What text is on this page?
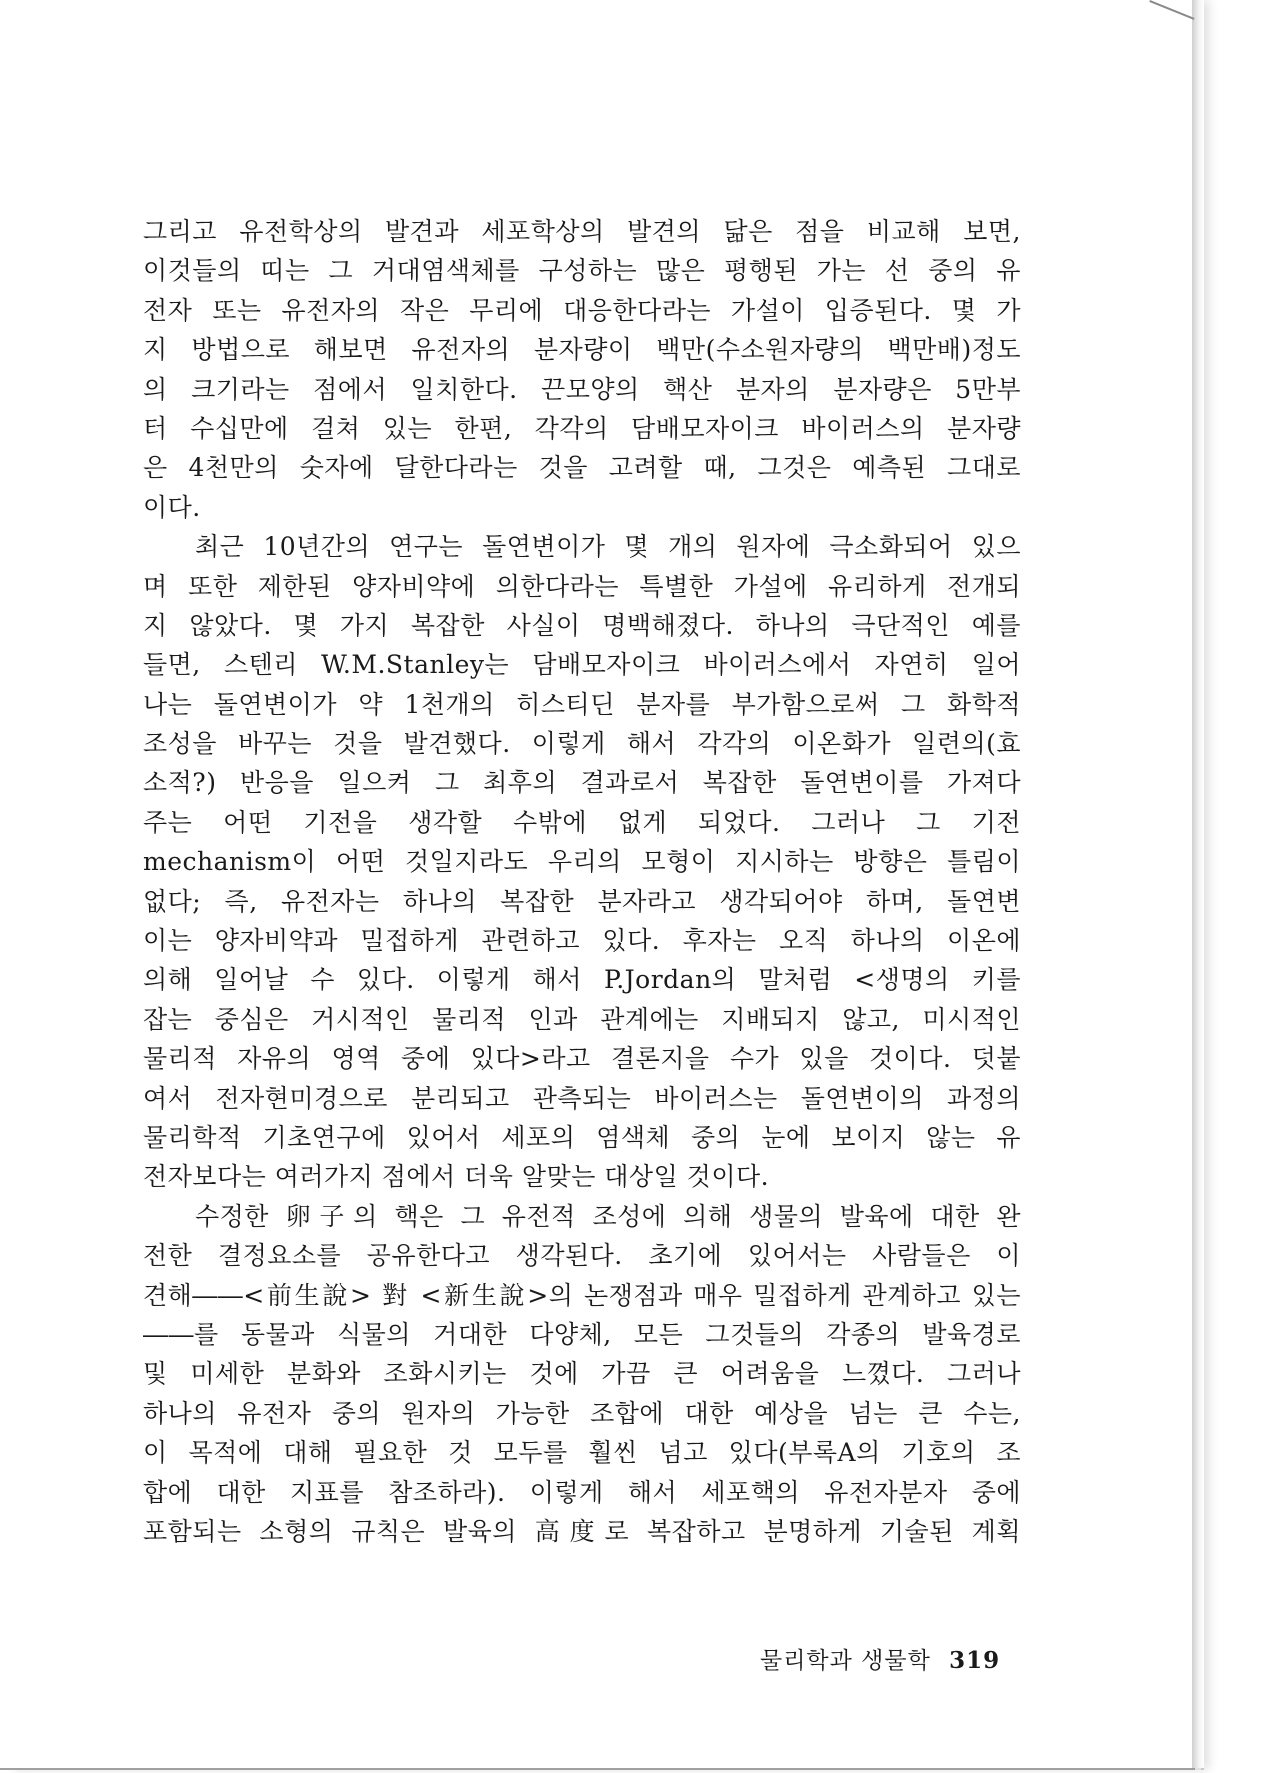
그리고 유전학상의 발견과 세포학상의 발견의 닮은 점을 비교해 보면,
이것들의 띠는 그 거대염색체를 구성하는 많은 평행된 가는 선 중의 유
전자 또는 유전자의 작은 무리에 대응한다라는 가설이 입증된다. 몇 가
지 방법으로 해보면 유전자의 분자량이 백만(수소원자량의 백만배)정도
의 크기라는 점에서 일치한다. 끈모양의 핵산 분자의 분자량은 5만부
터 수십만에 걸쳐 있는 한편, 각각의 담배모자이크 바이러스의 분자량
은 4천만의 숫자에 달한다라는 것을 고려할 때, 그것은 예측된 그대로
이다.
최근 10년간의 연구는 돌연변이가 몇 개의 원자에 극소화되어 있으
며 또한 제한된 양자비약에 의한다라는 특별한 가설에 유리하게 전개되
지 않았다. 몇 가지 복잡한 사실이 명백해졌다. 하나의 극단적인 예를
들면, 스텐리 W.M.Stanley는 담배모자이크 바이러스에서 자연히 일어
나는 돌연변이가 약 1천개의 히스티딘 분자를 부가함으로써 그 화학적
조성을 바꾸는 것을 발견했다. 이렇게 해서 각각의 이온화가 일련의(효
소적?) 반응을 일으켜 그 최후의 결과로서 복잡한 돌연변이를 가져다
주는 어떤 기전을 생각할 수밖에 없게 되었다. 그러나 그 기전
mechanism이 어떤 것일지라도 우리의 모형이 지시하는 방향은 틀림이
없다; 즉, 유전자는 하나의 복잡한 분자라고 생각되어야 하며, 돌연변
이는 양자비약과 밀접하게 관련하고 있다. 후자는 오직 하나의 이온에
의해 일어날 수 있다. 이렇게 해서 P.Jordan의 말처럼 <생명의 키를
잡는 중심은 거시적인 물리적 인과 관계에는 지배되지 않고, 미시적인
물리적 자유의 영역 중에 있다>라고 결론지을 수가 있을 것이다. 덧붙
여서 전자현미경으로 분리되고 관측되는 바이러스는 돌연변이의 과정의
물리학적 기초연구에 있어서 세포의 염색체 중의 눈에 보이지 않는 유
전자보다는 여러가지 점에서 더욱 알맞는 대상일 것이다.
수정한 卵子의 핵은 그 유전적 조성에 의해 생물의 발육에 대한 완
전한 결정요소를 공유한다고 생각된다. 초기에 있어서는 사람들은 이
견해――<前生說> 對 <新生說>의 논쟁점과 매우 밀접하게 관계하고 있는
――를 동물과 식물의 거대한 다양체, 모든 그것들의 각종의 발육경로
및 미세한 분화와 조화시키는 것에 가끔 큰 어려움을 느꼈다. 그러나
하나의 유전자 중의 원자의 가능한 조합에 대한 예상을 넘는 큰 수는,
이 목적에 대해 필요한 것 모두를 훨씬 넘고 있다(부록A의 기호의 조
합에 대한 지표를 참조하라). 이렇게 해서 세포핵의 유전자분자 중에
포함되는 소형의 규칙은 발육의 高度로 복잡하고 분명하게 기술된 계획
물리학과 생물학 319
